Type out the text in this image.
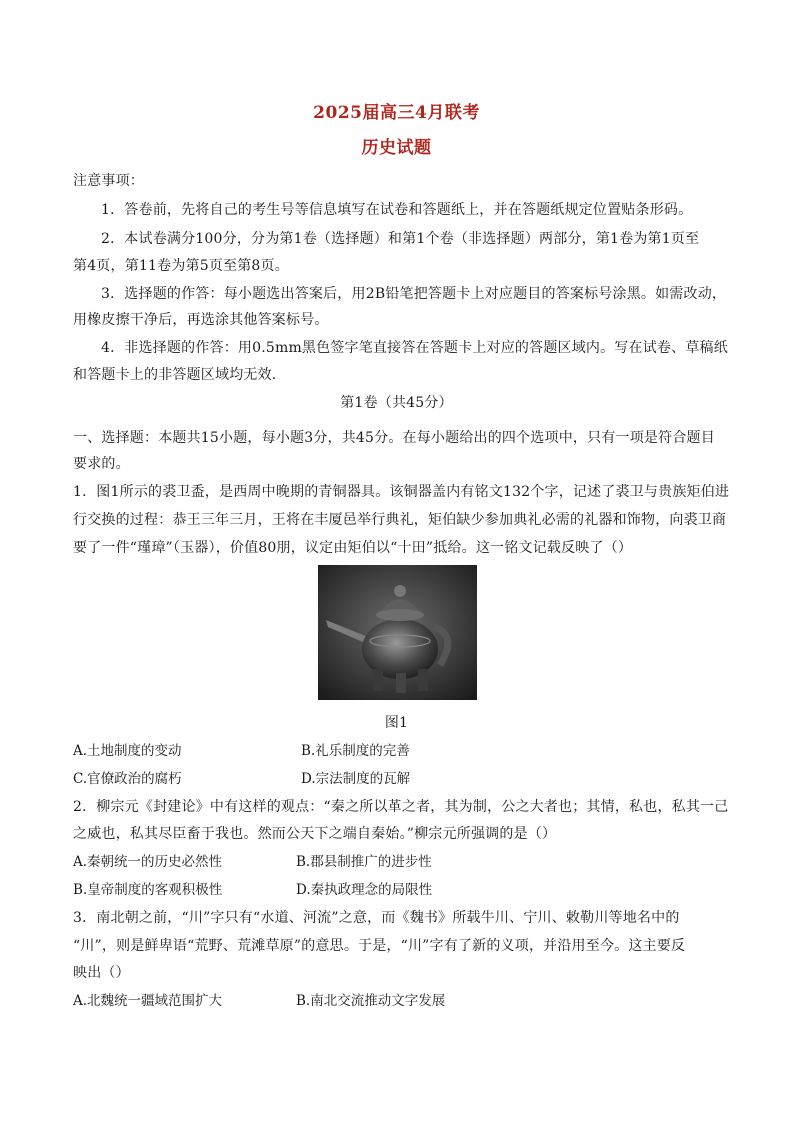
2025届高三4月联考
历史试题
注意事项：
1．答卷前，先将自己的考生号等信息填写在试卷和答题纸上，并在答题纸规定位置贴条形码。
2．本试卷满分100分，分为第1卷（选择题）和第1个卷（非选择题）两部分，第1卷为第1页至
第4页，第11卷为第5页至第8页。
3．选择题的作答：每小题选出答案后，用2B铅笔把答题卡上对应题目的答案标号涂黑。如需改动，
用橡皮擦干净后，再选涂其他答案标号。
4．非选择题的作答：用0.5mm黑色签字笔直接答在答题卡上对应的答题区域内。写在试卷、草稿纸
和答题卡上的非答题区域均无效.
第1卷（共45分）
一、选择题：本题共15小题，每小题3分，共45分。在每小题给出的四个选项中，只有一项是符合题目
要求的。
1．图1所示的裘卫盉，是西周中晚期的青铜器具。该铜器盖内有铭文132个字，记述了裘卫与贵族矩伯进
行交换的过程：恭王三年三月，王将在丰厦邑举行典礼，矩伯缺少参加典礼必需的礼器和饰物，向裘卫商
要了一件“瑾璋”（玉器），价值80朋，议定由矩伯以“十田”抵给。这一铭文记载反映了（）
图1
A.土地制度的变动	B.礼乐制度的完善
C.官僚政治的腐朽	D.宗法制度的瓦解
2．柳宗元《封建论》中有这样的观点：“秦之所以革之者，其为制，公之大者也；其情，私也，私其一己
之威也，私其尽臣畜于我也。然而公天下之端自秦始。”柳宗元所强调的是（）
A.秦朝统一的历史必然性	B.郡县制推广的进步性
B.皇帝制度的客观积极性	D.秦执政理念的局限性
3．南北朝之前，“川”字只有“水道、河流”之意，而《魏书》所载牛川、宁川、敕勒川等地名中的
“川”，则是鲜卑语“荒野、荒滩草原”的意思。于是，“川”字有了新的义项，并沿用至今。这主要反
映出（）
A.北魏统一疆域范围扩大	B.南北交流推动文字发展
